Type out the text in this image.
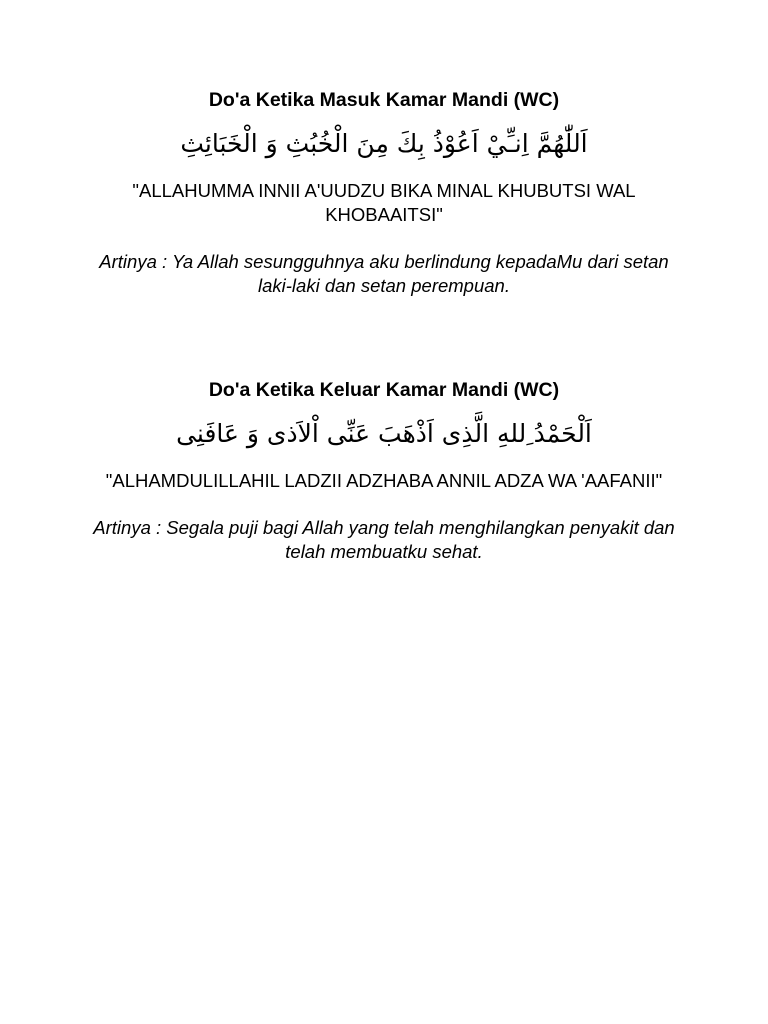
Do'a Ketika Masuk Kamar Mandi (WC)
اَللّٰهُمَّ اِنـِّيْ اَعُوْذُ بِكَ مِنَ الْخُبُثِ وَ الْخَبَائِثِ
"ALLAHUMMA INNII A'UUDZU BIKA MINAL KHUBUTSI WAL KHOBAAITSI"
Artinya : Ya Allah sesungguhnya aku berlindung kepadaMu dari setan laki-laki dan setan perempuan.
Do'a Ketika Keluar Kamar Mandi (WC)
اَلْحَمْدُ ِللهِ الَّذِى اَذْهَبَ عَنِّى اْلاَذى وَ عَافَنِى
"ALHAMDULILLAHIL LADZII ADZHABA ANNIL ADZA WA 'AAFANII"
Artinya : Segala puji bagi Allah yang telah menghilangkan penyakit dan telah membuatku sehat.
